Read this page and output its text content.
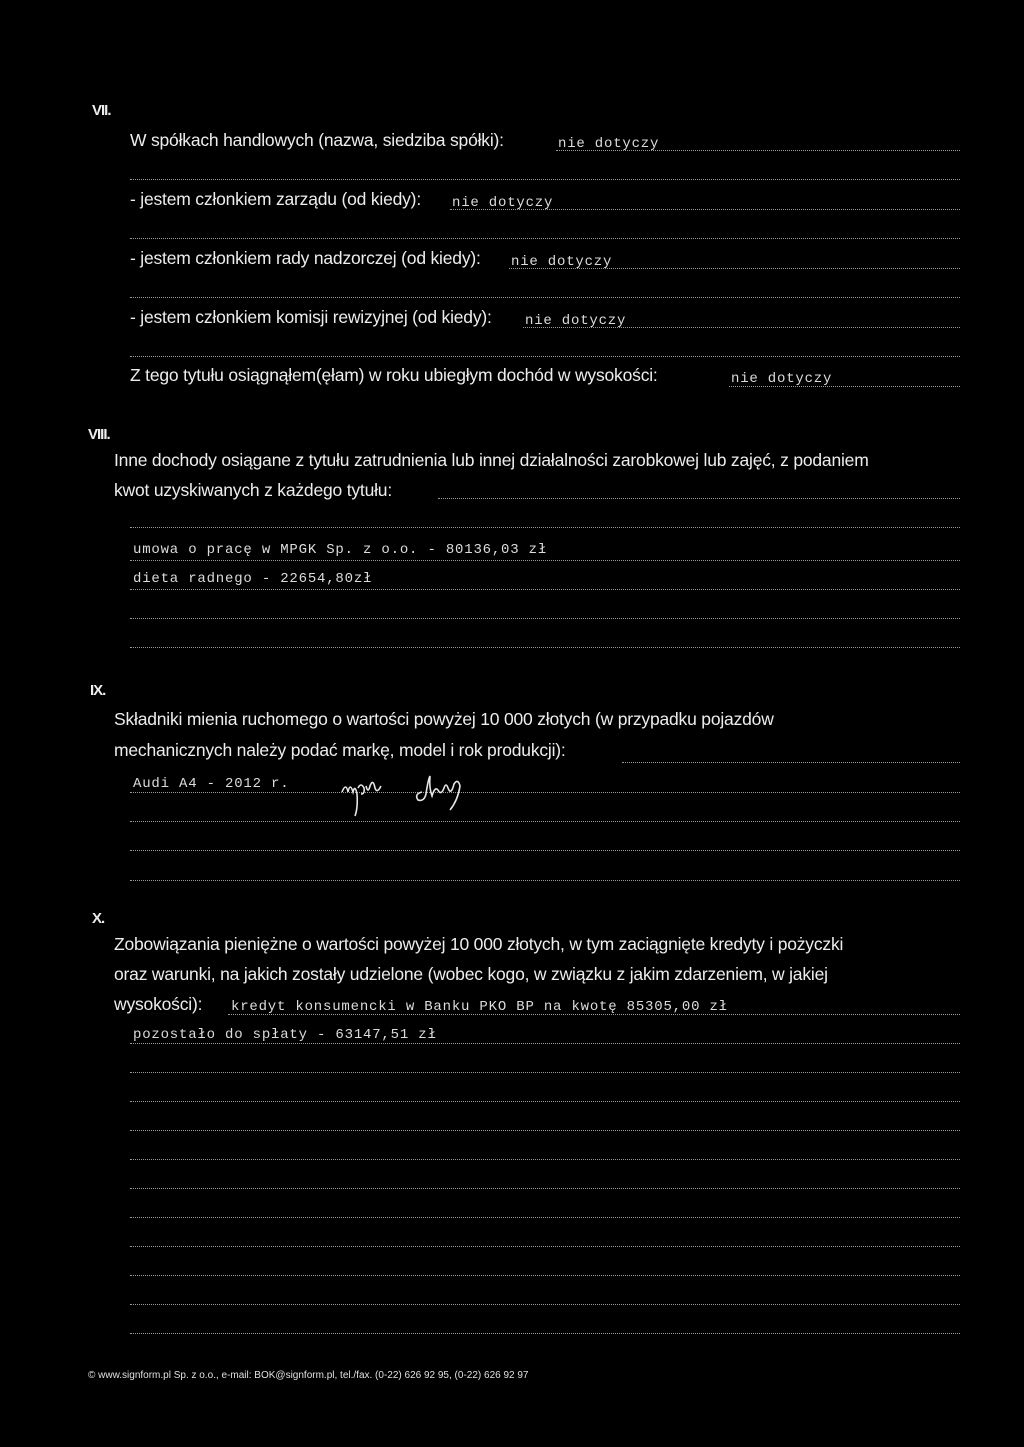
VII.
W spółkach handlowych (nazwa, siedziba spółki):	nie dotyczy
- jestem członkiem zarządu (od kiedy): nie dotyczy
- jestem członkiem rady nadzorczej (od kiedy): nie dotyczy
- jestem członkiem komisji rewizyjnej (od kiedy): nie dotyczy
Z tego tytułu osiągnąłem(ęłam) w roku ubiegłym dochód w wysokości:	nie dotyczy
VIII.
Inne dochody osiągane z tytułu zatrudnienia lub innej działalności zarobkowej lub zajęć, z podaniem
kwot uzyskiwanych z każdego tytułu:
umowa o pracę w MPGK Sp. z o.o. - 80136,03 zł
dieta radnego - 22654,80zł
IX.
Składniki mienia ruchomego o wartości powyżej 10 000 złotych (w przypadku pojazdów
mechanicznych należy podać markę, model i rok produkcji):
Audi A4 - 2012 r.
X.
Zobowiązania pieniężne o wartości powyżej 10 000 złotych, w tym zaciągnięte kredyty i pożyczki
oraz warunki, na jakich zostały udzielone (wobec kogo, w związku z jakim zdarzeniem, w jakiej
wysokości): kredyt konsumencki w Banku PKO BP na kwotę 85305,00 zł
pozostało do spłaty - 63147,51 zł
© www.signform.pl Sp. z o.o., e-mail: BOK@signform.pl, tel./fax. (0-22) 626 92 95, (0-22) 626 92 97
